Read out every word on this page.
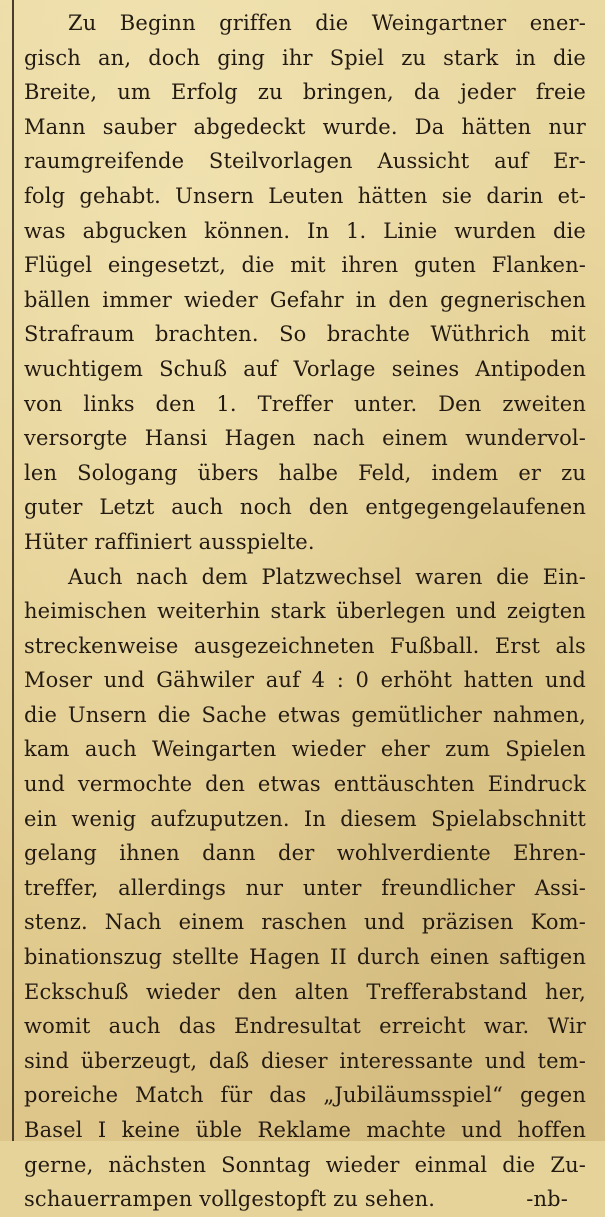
Zu Beginn griffen die Weingartner ener-
gisch an, doch ging ihr Spiel zu stark in die
Breite, um Erfolg zu bringen, da jeder freie
Mann sauber abgedeckt wurde. Da hätten nur
raumgreifende Steilvorlagen Aussicht auf Er-
folg gehabt. Unsern Leuten hätten sie darin et-
was abgucken können. In 1. Linie wurden die
Flügel eingesetzt, die mit ihren guten Flanken-
bällen immer wieder Gefahr in den gegnerischen
Strafraum brachten. So brachte Wüthrich mit
wuchtigem Schuß auf Vorlage seines Antipoden
von links den 1. Treffer unter. Den zweiten
versorgte Hansi Hagen nach einem wundervol-
len Sologang übers halbe Feld, indem er zu
guter Letzt auch noch den entgegengelaufenen
Hüter raffiniert ausspielte.
Auch nach dem Platzwechsel waren die Ein-
heimischen weiterhin stark überlegen und zeigten
streckenweise ausgezeichneten Fußball. Erst als
Moser und Gähwiler auf 4 : 0 erhöht hatten und
die Unsern die Sache etwas gemütlicher nahmen,
kam auch Weingarten wieder eher zum Spielen
und vermochte den etwas enttäuschten Eindruck
ein wenig aufzuputzen. In diesem Spielabschnitt
gelang ihnen dann der wohlverdiente Ehren-
treffer, allerdings nur unter freundlicher Assi-
stenz. Nach einem raschen und präzisen Kom-
binationszug stellte Hagen II durch einen saftigen
Eckschuß wieder den alten Trefferabstand her,
womit auch das Endresultat erreicht war. Wir
sind überzeugt, daß dieser interessante und tem-
poreiche Match für das „Jubiläumsspiel“ gegen
Basel I keine üble Reklame machte und hoffen
gerne, nächsten Sonntag wieder einmal die Zu-
schauerrampen vollgestopft zu sehen.	-nb-
